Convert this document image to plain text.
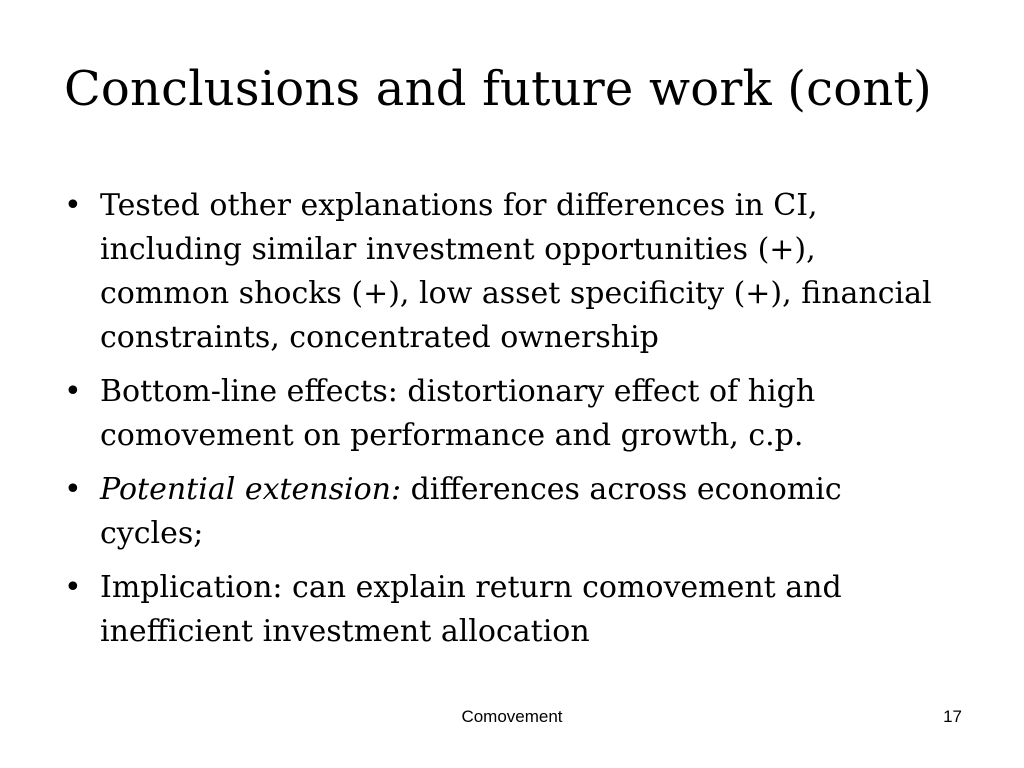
Conclusions and future work (cont)
• Tested other explanations for differences in CI, including similar investment opportunities (+), common shocks (+), low asset specificity (+), financial constraints, concentrated ownership
• Bottom-line effects: distortionary effect of high comovement on performance and growth, c.p.
• Potential extension: differences across economic cycles;
• Implication: can explain return comovement and inefficient investment allocation
Comovement	17
